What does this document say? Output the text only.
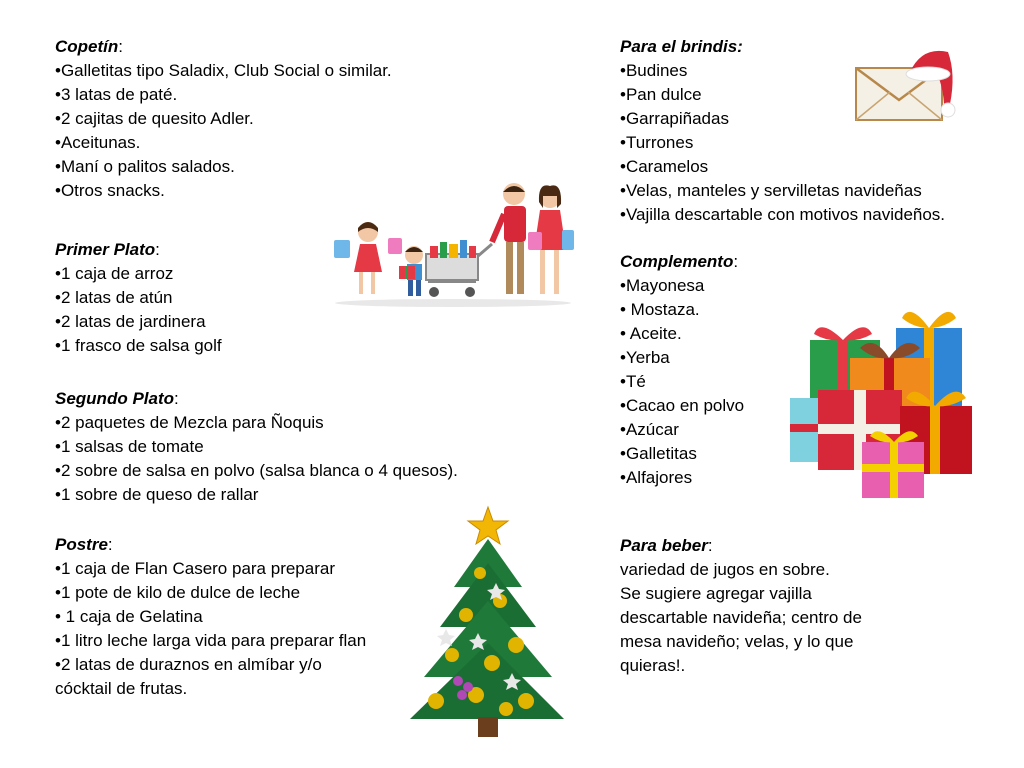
Copetín:
•Galletitas tipo Saladix, Club Social o similar.
•3 latas de paté.
•2 cajitas de quesito Adler.
•Aceitunas.
•Maní o palitos salados.
•Otros snacks.
Primer Plato:
•1 caja de arroz
•2 latas de atún
•2 latas de jardinera
•1 frasco de salsa golf
Segundo Plato:
•2 paquetes de Mezcla para Ñoquis
•1 salsas de tomate
•2 sobre de salsa en polvo (salsa blanca o 4 quesos).
•1 sobre de queso de rallar
Postre:
•1 caja de Flan Casero para preparar
•1 pote de kilo de dulce de leche
• 1 caja de Gelatina
•1 litro leche larga vida para preparar flan
•2 latas de duraznos en almíbar y/o
cócktail de frutas.
Para el brindis:
•Budines
•Pan dulce
•Garrapiñadas
•Turrones
•Caramelos
•Velas, manteles y servilletas navideñas
•Vajilla descartable con motivos navideños.
Complemento:
•Mayonesa
• Mostaza.
• Aceite.
•Yerba
•Té
•Cacao en polvo
•Azúcar
•Galletitas
•Alfajores
Para beber:

variedad de jugos en sobre.

Se sugiere agregar vajilla

descartable navideña; centro de

mesa navideño; velas, y lo que

quieras!.
